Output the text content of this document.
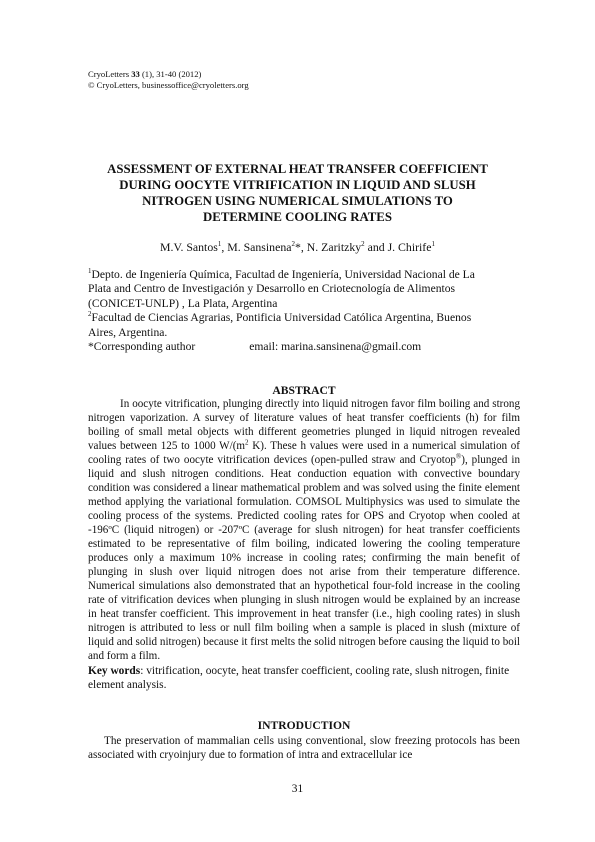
CryoLetters 33 (1), 31-40 (2012)
© CryoLetters, businessoffice@cryoletters.org
ASSESSMENT OF EXTERNAL HEAT TRANSFER COEFFICIENT
DURING OOCYTE VITRIFICATION IN LIQUID AND SLUSH
NITROGEN USING NUMERICAL SIMULATIONS TO
DETERMINE COOLING RATES
M.V. Santos$^1$, M. Sansinena$^2$*, N. Zaritzky$^2$ and J. Chirife$^1$
$^1$Depto. de Ingeniería Química, Facultad de Ingeniería, Universidad Nacional de La
Plata and Centro de Investigación y Desarrollo en Criotecnología de Alimentos
(CONICET-UNLP) , La Plata, Argentina
$^2$Facultad de Ciencias Agrarias, Pontificia Universidad Católica Argentina, Buenos
Aires, Argentina.
*Corresponding author	email: marina.sansinena@gmail.com
ABSTRACT

In oocyte vitrification, plunging directly into liquid nitrogen favor film boiling and strong nitrogen vaporization. A survey of literature values of heat transfer coefficients (h) for film boiling of small metal objects with different geometries plunged in liquid nitrogen revealed values between 125 to 1000 $W/(m^2$ K). These h values were used in a numerical simulation of cooling rates of two oocyte vitrification devices (open-pulled straw and Cryotop®), plunged in liquid and slush nitrogen conditions. Heat conduction equation with convective boundary condition was considered a linear mathematical problem and was solved using the finite element method applying the variational formulation. COMSOL Multiphysics was used to simulate the cooling process of the systems. Predicted cooling rates for OPS and Cryotop when cooled at -196ºC (liquid nitrogen) or -207ºC (average for slush nitrogen) for heat transfer coefficients estimated to be representative of film boiling, indicated lowering the cooling temperature produces only a maximum 10% increase in cooling rates; confirming the main benefit of plunging in slush over liquid nitrogen does not arise from their temperature difference. Numerical simulations also demonstrated that an hypothetical four-fold increase in the cooling rate of vitrification devices when plunging in slush nitrogen would be explained by an increase in heat transfer coefficient. This improvement in heat transfer (i.e., high cooling rates) in slush nitrogen is attributed to less or null film boiling when a sample is placed in slush (mixture of liquid and solid nitrogen) because it first melts the solid nitrogen before causing the liquid to boil and form a film.

Key words: vitrification, oocyte, heat transfer coefficient, cooling rate, slush nitrogen, finite element analysis.
INTRODUCTION

The preservation of mammalian cells using conventional, slow freezing protocols has been associated with cryoinjury due to formation of intra and extracellular ice

31
